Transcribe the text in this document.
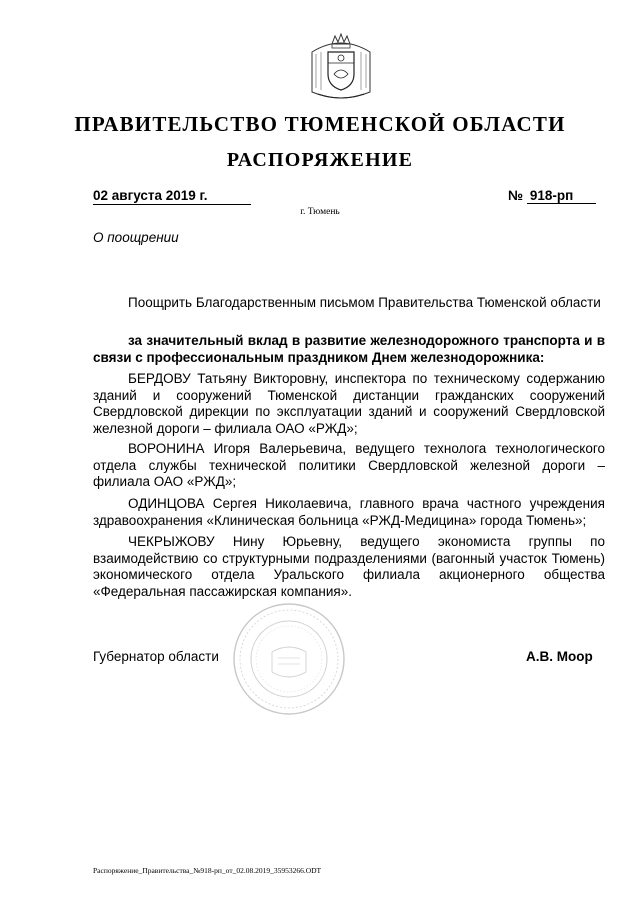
ПРАВИТЕЛЬСТВО ТЮМЕНСКОЙ ОБЛАСТИ
РАСПОРЯЖЕНИЕ
02 августа 2019 г.	№ 918-рп
г. Тюмень
О поощрении
Поощрить Благодарственным письмом Правительства Тюменской области
за значительный вклад в развитие железнодорожного транспорта и в связи с профессиональным праздником Днем железнодорожника:
БЕРДОВУ Татьяну Викторовну, инспектора по техническому содержанию зданий и сооружений Тюменской дистанции гражданских сооружений Свердловской дирекции по эксплуатации зданий и сооружений Свердловской железной дороги – филиала ОАО «РЖД»;
ВОРОНИНА Игоря Валерьевича, ведущего технолога технологического отдела службы технической политики Свердловской железной дороги – филиала ОАО «РЖД»;
ОДИНЦОВА Сергея Николаевича, главного врача частного учреждения здравоохранения «Клиническая больница «РЖД-Медицина» города Тюмень»;
ЧЕКРЫЖОВУ Нину Юрьевну, ведущего экономиста группы по взаимодействию со структурными подразделениями (вагонный участок Тюмень) экономического отдела Уральского филиала акционерного общества «Федеральная пассажирская компания».
Губернатор области	А.В. Моор
Распоряжение_Правительства_№918-рп_от_02.08.2019_35953266.ODT
